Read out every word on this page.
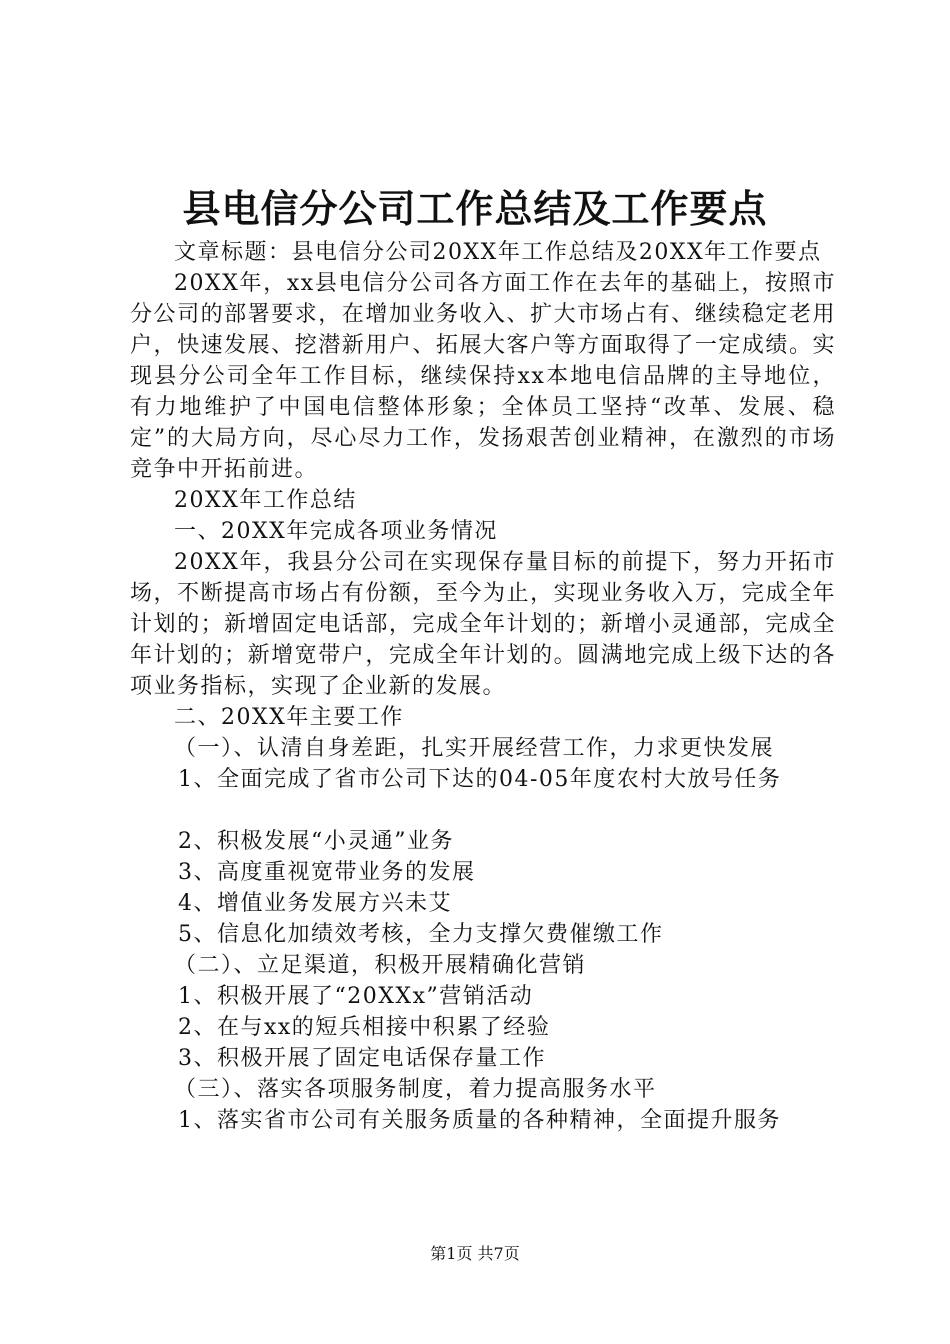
县电信分公司工作总结及工作要点

文章标题：县电信分公司20XX年工作总结及20XX年工作要点

20XX年，xx县电信分公司各方面工作在去年的基础上，按照市分公司的部署要求，在增加业务收入、扩大市场占有、继续稳定老用户，快速发展、挖潜新用户、拓展大客户等方面取得了一定成绩。实现县分公司全年工作目标，继续保持xx本地电信品牌的主导地位，有力地维护了中国电信整体形象；全体员工坚持“改革、发展、稳定”的大局方向，尽心尽力工作，发扬艰苦创业精神，在激烈的市场竞争中开拓前进。

20XX年工作总结

一、20XX年完成各项业务情况

20XX年，我县分公司在实现保存量目标的前提下，努力开拓市场，不断提高市场占有份额，至今为止，实现业务收入万，完成全年计划的；新增固定电话部，完成全年计划的；新增小灵通部，完成全年计划的；新增宽带户，完成全年计划的。圆满地完成上级下达的各项业务指标，实现了企业新的发展。

二、20XX年主要工作

（一）、认清自身差距，扎实开展经营工作，力求更快发展

1、全面完成了省市公司下达的04-05年度农村大放号任务

2、积极发展“小灵通”业务

3、高度重视宽带业务的发展

4、增值业务发展方兴未艾

5、信息化加绩效考核，全力支撑欠费催缴工作

（二）、立足渠道，积极开展精确化营销

1、积极开展了“20XXx”营销活动

2、在与xx的短兵相接中积累了经验

3、积极开展了固定电话保存量工作

（三）、落实各项服务制度，着力提高服务水平

1、落实省市公司有关服务质量的各种精神，全面提升服务

第1页 共7页
